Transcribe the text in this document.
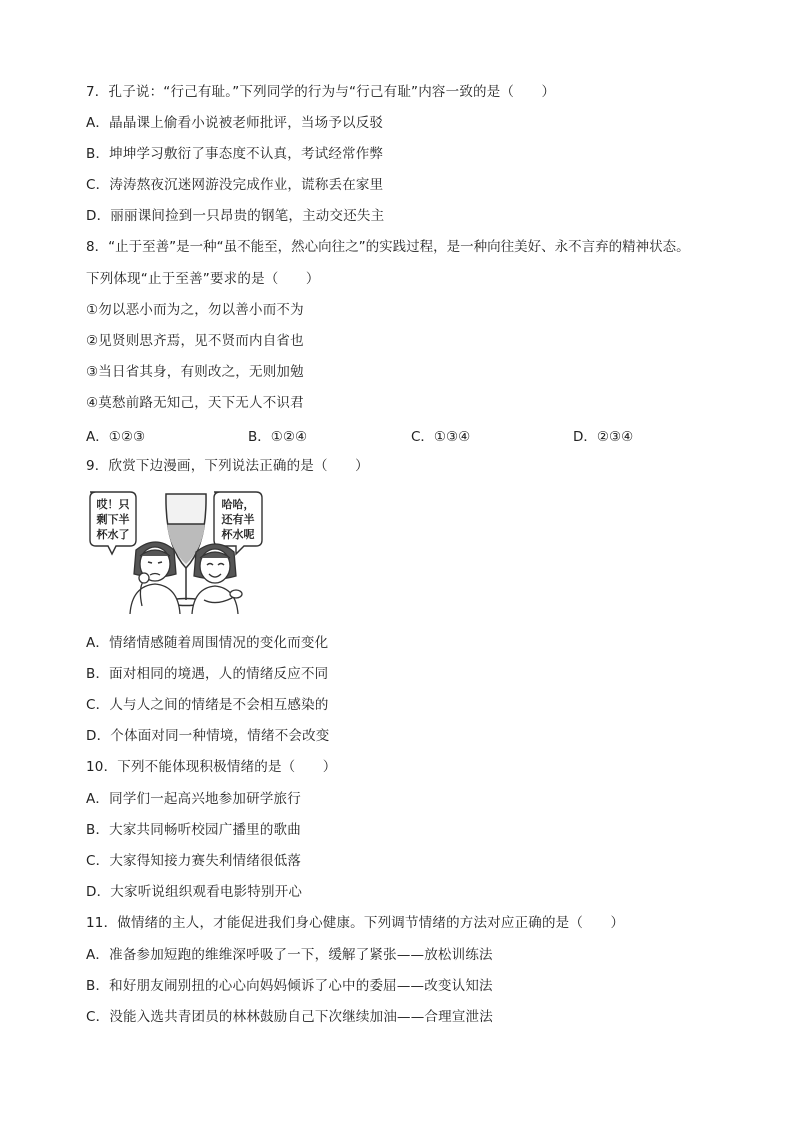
7．孔子说：“行己有耻。”下列同学的行为与“行己有耻”内容一致的是（　　）
A．晶晶课上偷看小说被老师批评，当场予以反驳
B．坤坤学习敷衍了事态度不认真，考试经常作弊
C．涛涛熬夜沉迷网游没完成作业，谎称丢在家里
D．丽丽课间捡到一只昂贵的钢笔，主动交还失主
8．“止于至善”是一种“虽不能至，然心向往之”的实践过程，是一种向往美好、永不言弃的精神状态。
下列体现“止于至善”要求的是（　　）
①勿以恶小而为之，勿以善小而不为
②见贤则思齐焉，见不贤而内自省也
③当日省其身，有则改之，无则加勉
④莫愁前路无知己，天下无人不识君
A．①②③	B．①②④	C．①③④	D．②③④
9．欣赏下边漫画，下列说法正确的是（　　）
哎！只
剩下半
杯水了
哈哈，
还有半
杯水呢
A．情绪情感随着周围情况的变化而变化
B．面对相同的境遇，人的情绪反应不同
C．人与人之间的情绪是不会相互感染的
D．个体面对同一种情境，情绪不会改变
10．下列不能体现积极情绪的是（　　）
A．同学们一起高兴地参加研学旅行
B．大家共同畅听校园广播里的歌曲
C．大家得知接力赛失利情绪很低落
D．大家听说组织观看电影特别开心
11．做情绪的主人，才能促进我们身心健康。下列调节情绪的方法对应正确的是（　　）
A．准备参加短跑的维维深呼吸了一下，缓解了紧张——放松训练法
B．和好朋友闹别扭的心心向妈妈倾诉了心中的委屈——改变认知法
C．没能入选共青团员的林林鼓励自己下次继续加油——合理宣泄法
